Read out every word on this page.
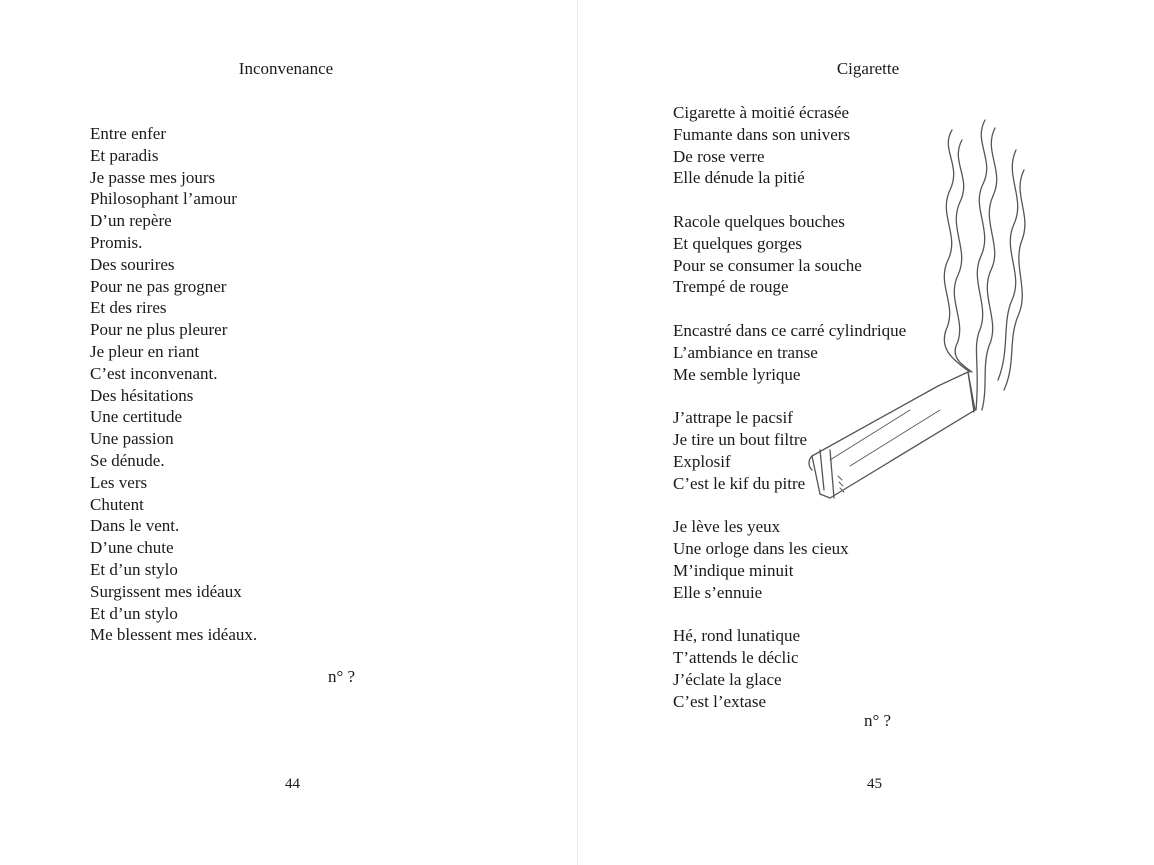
Inconvenance
Entre enfer
Et paradis
Je passe mes jours
Philosophant l’amour
D’un repère
Promis.
Des sourires
Pour ne pas grogner
Et des rires
Pour ne plus pleurer
Je pleur en riant
C’est inconvenant.
Des hésitations
Une certitude
Une passion
Se dénude.
Les vers
Chutent
Dans le vent.
D’une chute
Et d’un stylo
Surgissent mes idéaux
Et d’un stylo
Me blessent mes idéaux.
n° ?
44
Cigarette
Cigarette à moitié écrasée
Fumante dans son univers
De rose verre
Elle dénude la pitié
Racole quelques bouches
Et quelques gorges
Pour se consumer la souche
Trempé de rouge
Encastré dans ce carré cylindrique
L’ambiance en transe
Me semble lyrique
J’attrape le pacsif
Je tire un bout filtre
Explosif
C’est le kif du pitre
Je lève les yeux
Une orloge dans les cieux
M’indique minuit
Elle s’ennuie
Hé, rond lunatique
T’attends le déclic
J’éclate la glace
C’est l’extase
n° ?
45
